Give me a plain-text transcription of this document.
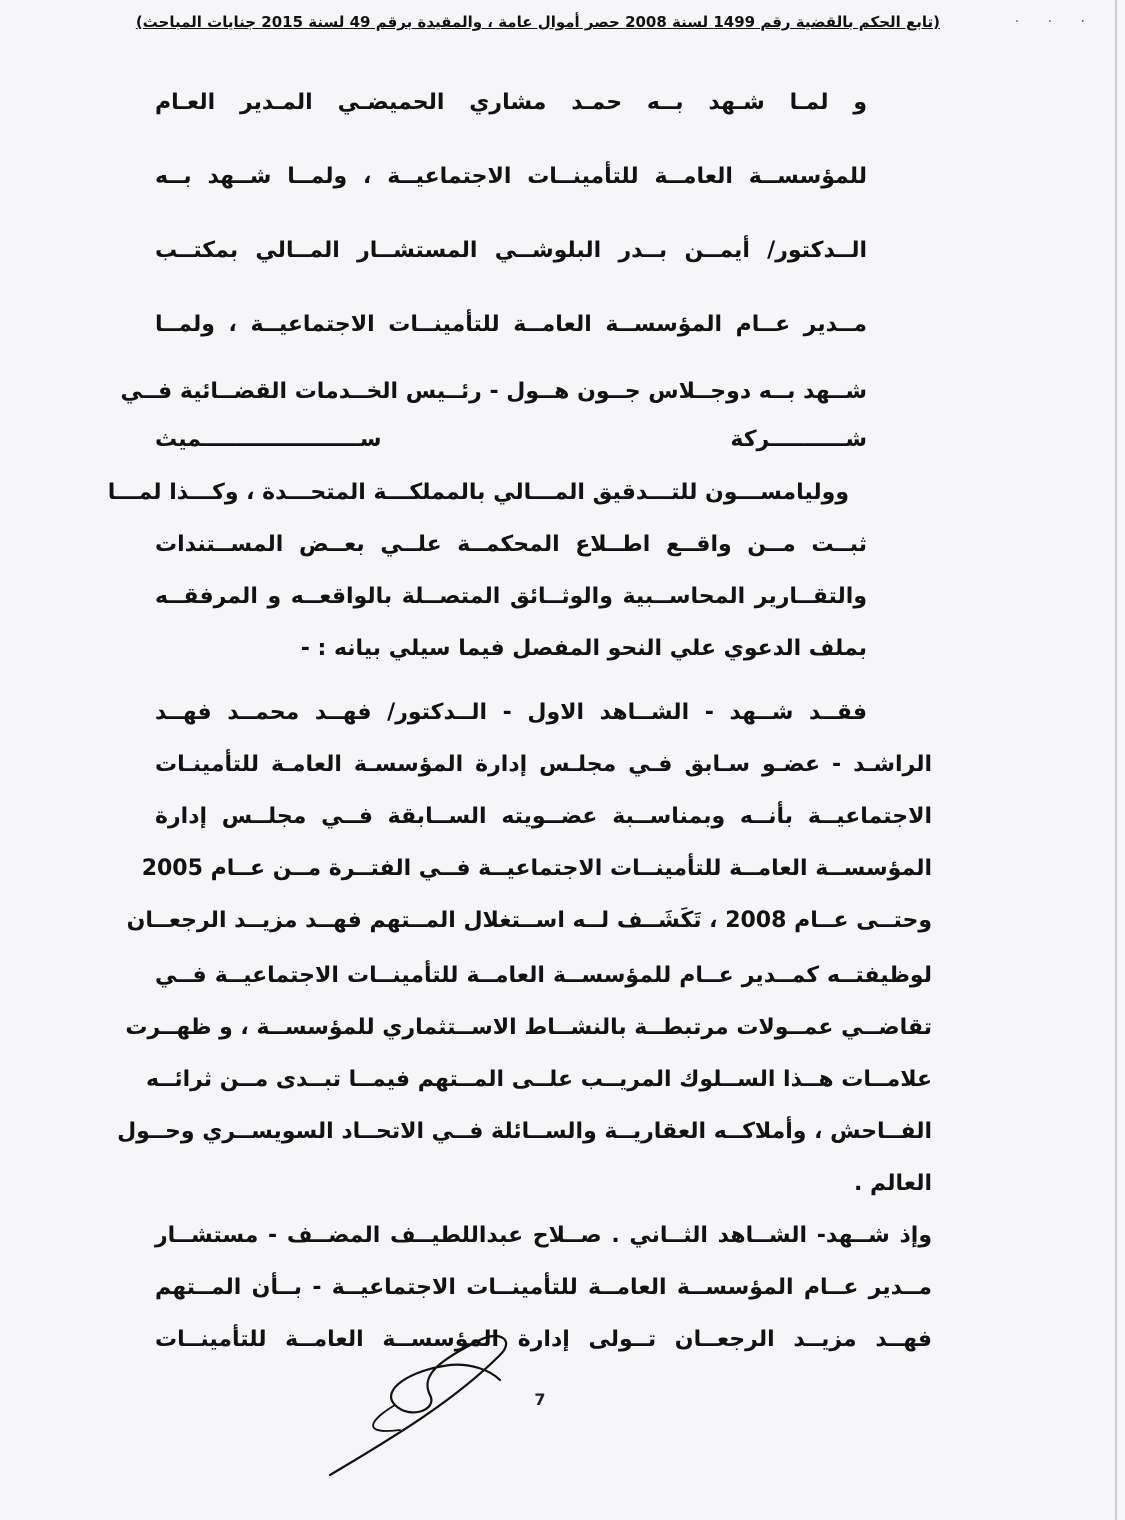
· · ·
(تابع الحكم بالقضية رقم 1499 لسنة 2008 حصر أموال عامة ، والمقيدة برقم 49 لسنة 2015 جنايات المباحث)
و لمـا شـهد بــه حمـد مشاري الحميضـي المـدير العـام
للمؤسســة العامــة للتأمينــات الاجتماعيــة ، ولمــا شــهد بــه
الــدكتور/ أيمــن بــدر البلوشــي المستشــار المــالي بمكتــب
مــدير عــام المؤسســة العامــة للتأمينــات الاجتماعيــة ، ولمــا
شــهد بــه دوجــلاس جــون هــول - رئــيس الخــدمات القضــائية فــي
شــــــــــركة ســـــــــــــــــــــميث
ووليامســـون للتـــدقيق المـــالي بالمملكـــة المتحـــدة ، وكـــذا لمـــا
ثبــت مــن واقــع اطــلاع المحكمــة علــي بعــض المســتندات
والتقــارير المحاســبية والوثــائق المتصــلة بالواقعــه و المرفقــه
بملف الدعوي علي النحو المفصل فيما سيلي بيانه : -
فقــد شــهد - الشــاهد الاول - الــدكتور/ فهــد محمــد فهــد
الراشـد - عضـو سـابق فـي مجلـس إدارة المؤسسـة العامـة للتأمينـات
الاجتماعيــة بأنــه وبمناســبة عضــويته الســابقة فــي مجلــس إدارة
المؤسســة العامــة للتأمينــات الاجتماعيــة فــي الفتــرة مــن عــام 2005
وحتــى عــام 2008 ، تَكَشَــف لــه اســتغلال المــتهم فهــد مزيــد الرجعــان
لوظيفتــه كمــدير عــام للمؤسســة العامــة للتأمينــات الاجتماعيــة فــي
تقاضــي عمــولات مرتبطــة بالنشــاط الاســتثماري للمؤسســة ، و ظهــرت
علامــات هــذا الســلوك المريــب علــى المــتهم فيمــا تبــدى مــن ثرائــه
الفــاحش ، وأملاكــه العقاريــة والســائلة فــي الاتحــاد السويســري وحــول
العالم .
وإذ شــهد- الشــاهد الثــاني . صــلاح عبداللطيــف المضــف - مستشــار
مــدير عــام المؤسســة العامــة للتأمينــات الاجتماعيــة - بــأن المــتهم
فهــد مزيــد الرجعــان تــولى إدارة المؤسســة العامــة للتأمينــات
7
